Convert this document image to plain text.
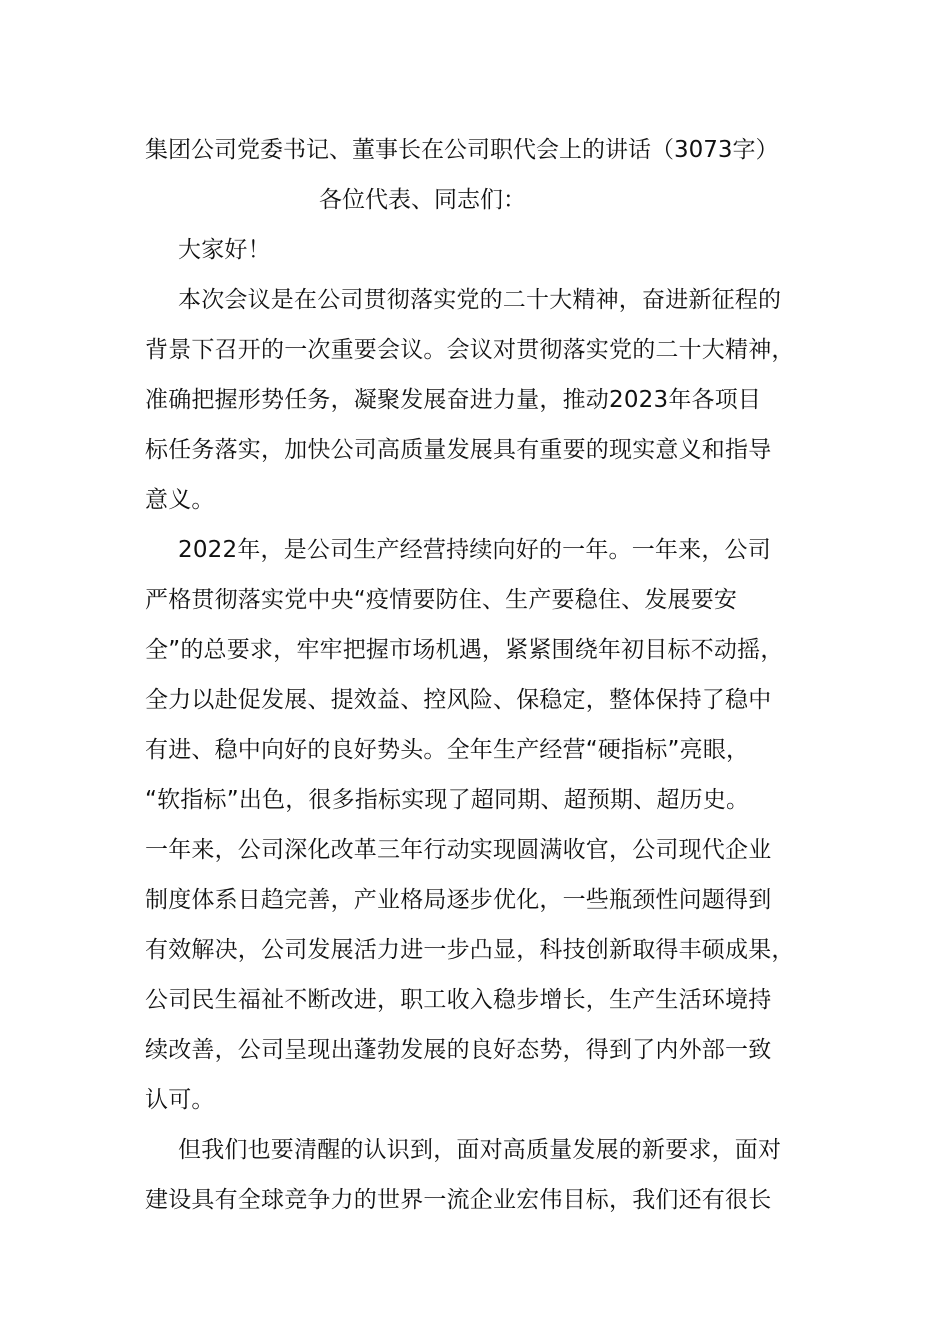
集团公司党委书记、董事长在公司职代会上的讲话（3073字）
各位代表、同志们：
大家好！
本次会议是在公司贯彻落实党的二十大精神，奋进新征程的
背景下召开的一次重要会议。会议对贯彻落实党的二十大精神，
准确把握形势任务，凝聚发展奋进力量，推动2023年各项目
标任务落实，加快公司高质量发展具有重要的现实意义和指导
意义。
2022年，是公司生产经营持续向好的一年。一年来，公司
严格贯彻落实党中央“疫情要防住、生产要稳住、发展要安
全”的总要求，牢牢把握市场机遇，紧紧围绕年初目标不动摇，
全力以赴促发展、提效益、控风险、保稳定，整体保持了稳中
有进、稳中向好的良好势头。全年生产经营“硬指标”亮眼，
“软指标”出色，很多指标实现了超同期、超预期、超历史。
一年来，公司深化改革三年行动实现圆满收官，公司现代企业
制度体系日趋完善，产业格局逐步优化，一些瓶颈性问题得到
有效解决，公司发展活力进一步凸显，科技创新取得丰硕成果，
公司民生福祉不断改进，职工收入稳步增长，生产生活环境持
续改善，公司呈现出蓬勃发展的良好态势，得到了内外部一致
认可。
但我们也要清醒的认识到，面对高质量发展的新要求，面对
建设具有全球竞争力的世界一流企业宏伟目标，我们还有很长
